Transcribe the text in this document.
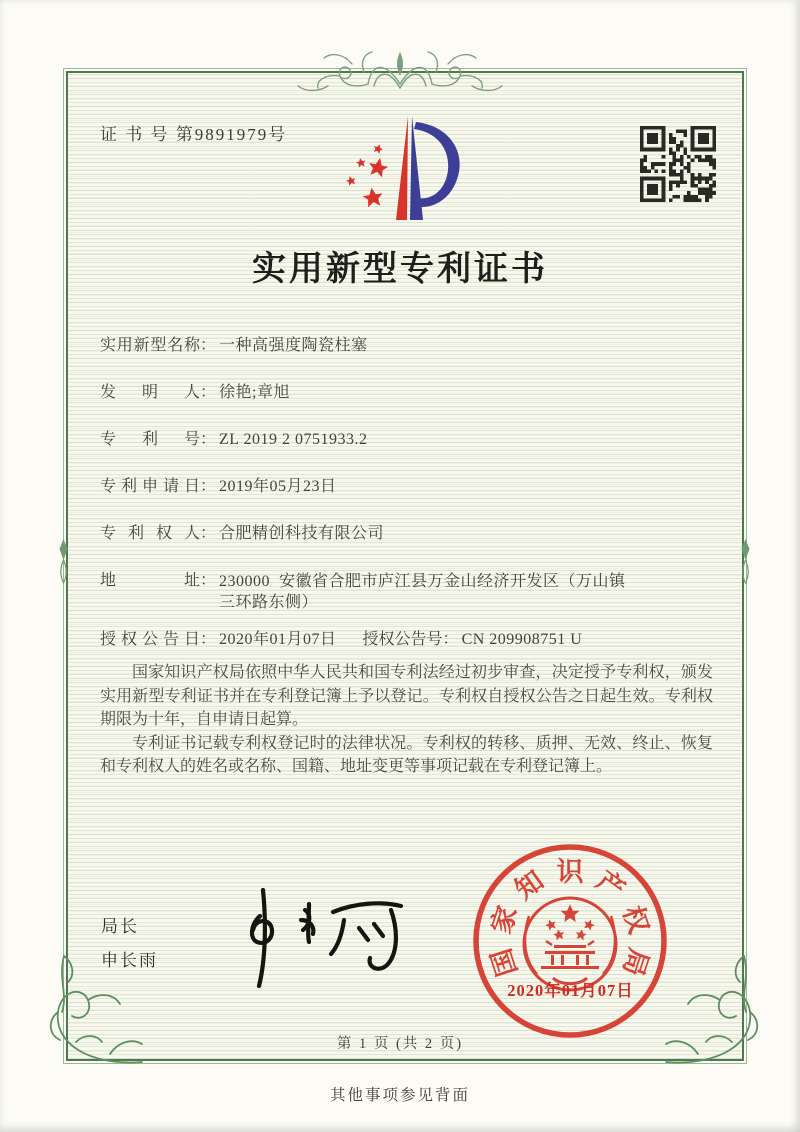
证 书 号 第9891979号
实用新型专利证书
实 用 新 型 名 称 ： 一种高强度陶瓷柱塞
发 明 人 ： 徐艳;章旭
专 利 号 ： ZL 2019 2 0751933.2
专 利 申 请 日 ： 2019年05月23日
专 利 权 人 ： 合肥精创科技有限公司
地	址 ： 230000  安徽省合肥市庐江县万金山经济开发区（万山镇三环路东侧）
授 权 公 告 日 ： 2020年01月07日 授权公告号 ： CN 209908751 U

国家知识产权局依照中华人民共和国专利法经过初步审查，决定授予专利权，颁发实用新型专利证书并在专利登记簿上予以登记。专利权自授权公告之日起生效。专利权期限为十年，自申请日起算。

专利证书记载专利权登记时的法律状况。专利权的转移、质押、无效、终止、恢复和专利权人的姓名或名称、国籍、地址变更等事项记载在专利登记簿上。

局长
申长雨	国
家
知 识 产
权
局
2020年01月07日
第 1 页 (共 2 页)
其他事项参见背面
